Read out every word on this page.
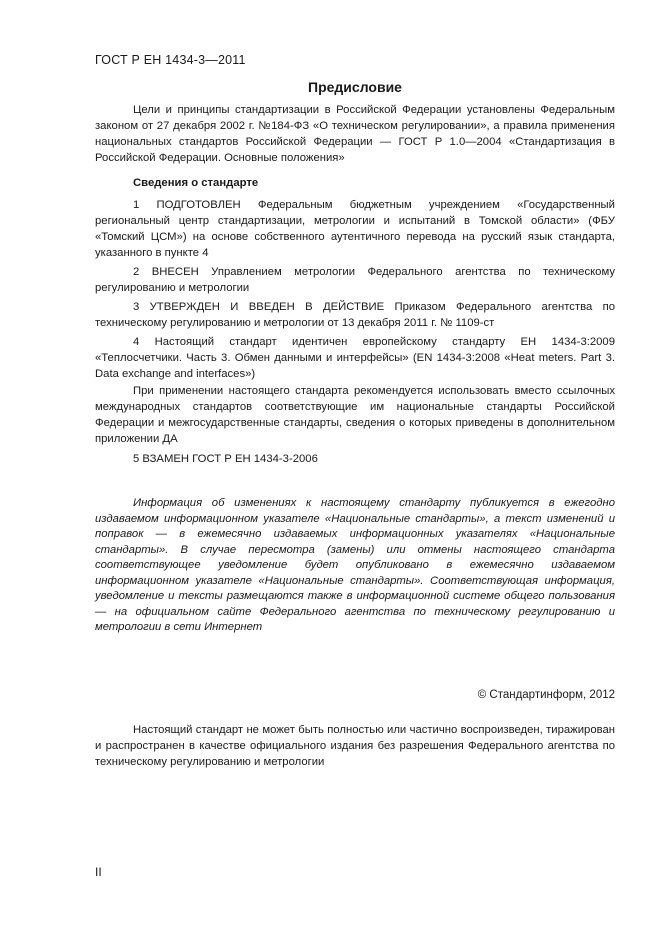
ГОСТ Р ЕН 1434-3—2011
Предисловие

Цели и принципы стандартизации в Российской Федерации установлены Федеральным законом от 27 декабря 2002 г. №184-ФЗ «О техническом регулировании», а правила применения национальных стандартов Российской Федерации — ГОСТ Р 1.0—2004 «Стандартизация в Российской Федерации. Основные положения»

Сведения о стандарте

1 ПОДГОТОВЛЕН Федеральным бюджетным учреждением «Государственный региональный центр стандартизации, метрологии и испытаний в Томской области» (ФБУ «Томский ЦСМ») на основе собственного аутентичного перевода на русский язык стандарта, указанного в пункте 4

2 ВНЕСЕН Управлением метрологии Федерального агентства по техническому регулированию и метрологии

3 УТВЕРЖДЕН И ВВЕДЕН В ДЕЙСТВИЕ Приказом Федерального агентства по техническому регулированию и метрологии от 13 декабря 2011 г. № 1109-ст

4 Настоящий стандарт идентичен европейскому стандарту ЕН 1434-3:2009 «Теплосчетчики. Часть 3. Обмен данными и интерфейсы» (EN 1434-3:2008 «Heat meters. Part 3. Data exchange and interfaces»)

При применении настоящего стандарта рекомендуется использовать вместо ссылочных международных стандартов соответствующие им национальные стандарты Российской Федерации и межгосударственные стандарты, сведения о которых приведены в дополнительном приложении ДА

5 ВЗАМЕН ГОСТ Р ЕН 1434-3-2006

Информация об изменениях к настоящему стандарту публикуется в ежегодно издаваемом информационном указателе «Национальные стандарты», а текст изменений и поправок — в ежемесячно издаваемых информационных указателях «Национальные стандарты». В случае пересмотра (замены) или отмены настоящего стандарта соответствующее уведомление будет опубликовано в ежемесячно издаваемом информационном указателе «Национальные стандарты». Соответствующая информация, уведомление и тексты размещаются также в информационной системе общего пользования — на официальном сайте Федерального агентства по техническому регулированию и метрологии в сети Интернет

© Стандартинформ, 2012

Настоящий стандарт не может быть полностью или частично воспроизведен, тиражирован и распространен в качестве официального издания без разрешения Федерального агентства по техническому регулированию и метрологии

II
